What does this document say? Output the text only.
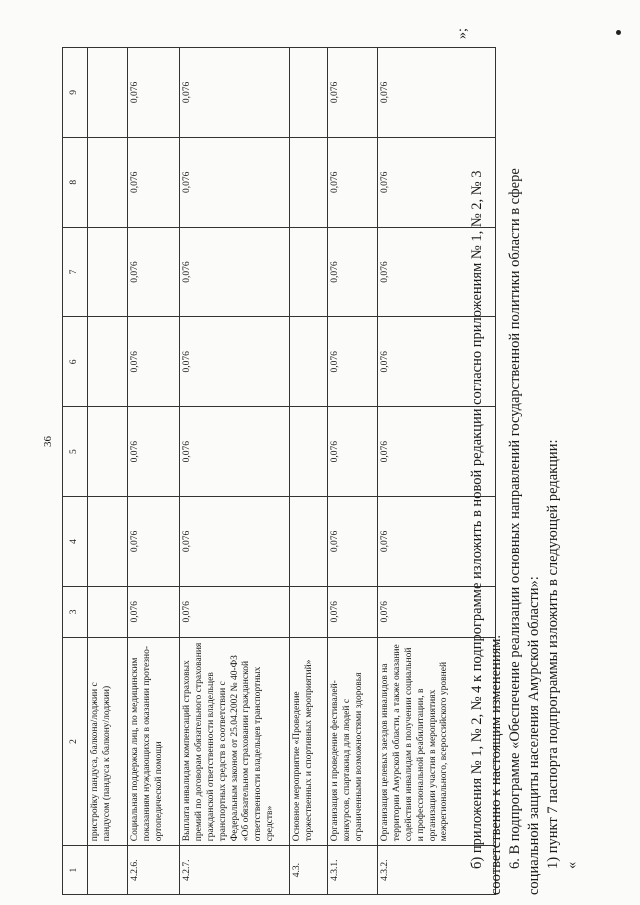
36
1	2	3	4	5	6	7	8	9
	пристройку пандуса, балкона/лоджии с пандусом (пандуса к балкону/лоджии)							
4.2.6.	Социальная поддержка лиц, по медицинским показаниям нуждающихся в оказании протезно-ортопедической помощи	0,076	0,076	0,076	0,076	0,076	0,076	0,076
4.2.7.	Выплата инвалидам компенсаций страховых премий по договорам обязательного страхования гражданской ответственности владельцев транспортных средств в соответствии с Федеральным законом от 25.04.2002 № 40-ФЗ «Об обязательном страховании гражданской ответственности владельцев транспортных средств»	0,076	0,076	0,076	0,076	0,076	0,076	0,076
4.3.	Основное мероприятие «Проведение торжественных и спортивных мероприятий»							
4.3.1.	Организация и проведение фестивалей-конкурсов, спартакиад для людей с ограниченными возможностями здоровья	0,076	0,076	0,076	0,076	0,076	0,076	0,076
4.3.2.	Организация целевых заездов инвалидов на территории Амурской области, а также оказание содействия инвалидам в получении социальной и профессиональной реабилитации, в организации участия в мероприятиях межрегионального, всероссийского уровней	0,076	0,076	0,076	0,076	0,076	0,076	0,076
»;

б) приложения № 1, № 2, № 4 к подпрограмме изложить в новой редакции согласно приложениям № 1, № 2, № 3 соответственно к настоящим изменениям. 6. В подпрограмме «Обеспечение реализации основных направлений государственной политики области в сфере социальной защиты населения Амурской области»: 1) пункт 7 паспорта подпрограммы изложить в следующей редакции: «
